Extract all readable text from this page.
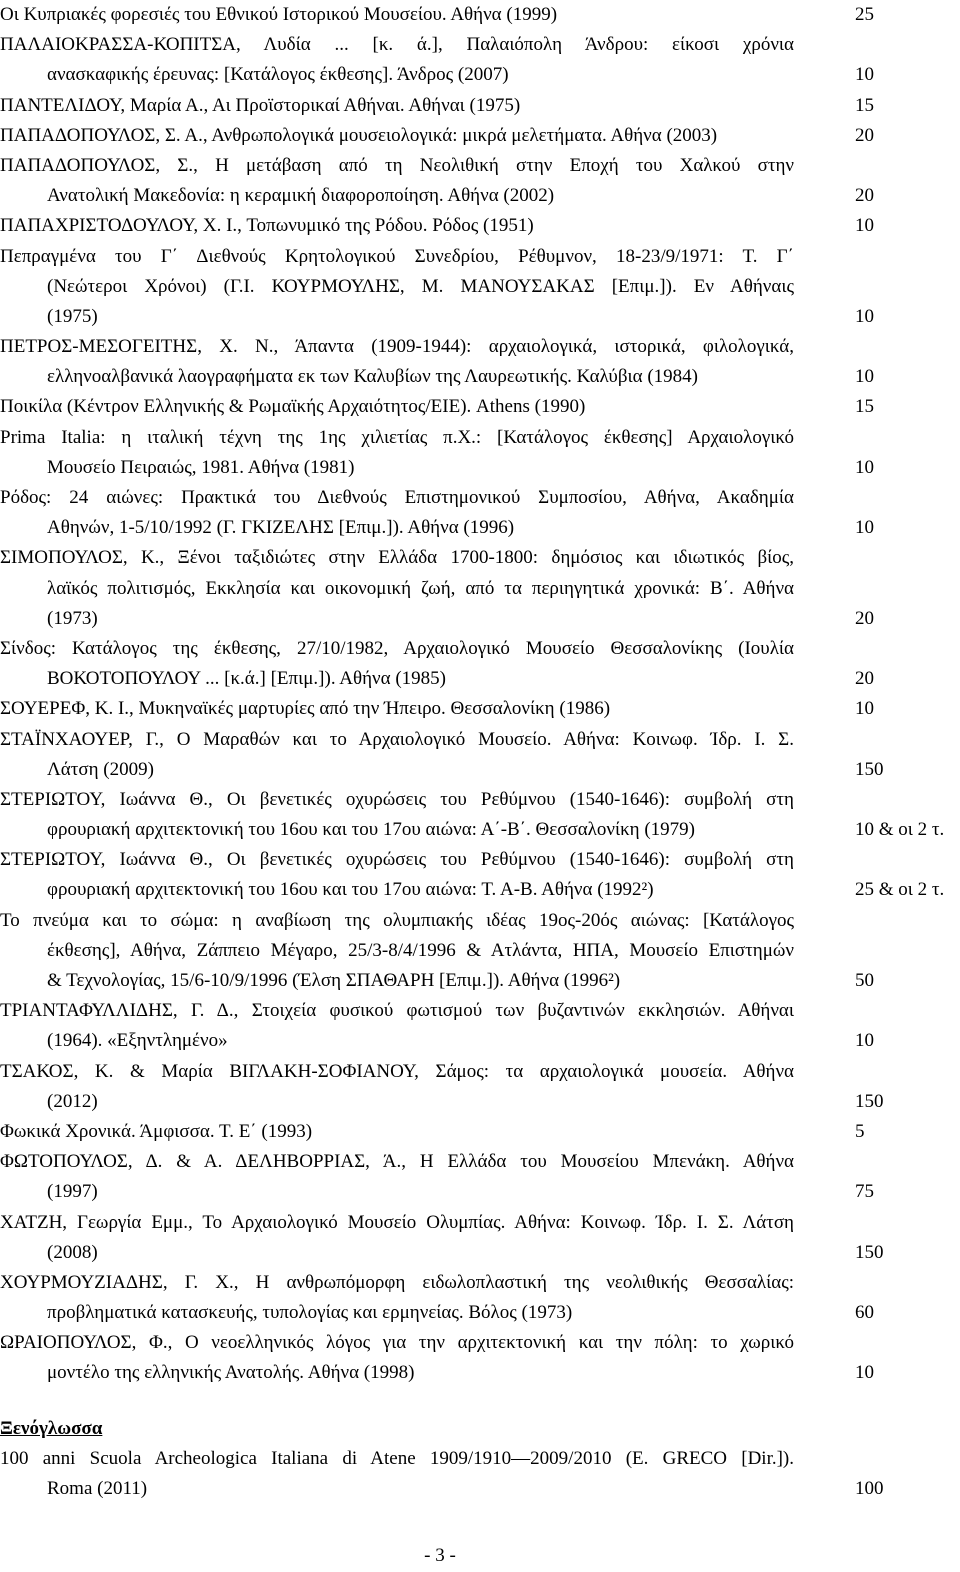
Οι Κυπριακές φορεσιές του Εθνικού Ιστορικού Μουσείου. Αθήνα (1999)	25
ΠΑΛΑΙΟΚΡΑΣΣΑ-ΚΟΠΙΤΣΑ, Λυδία ... [κ. ά.], Παλαιόπολη Άνδρου: είκοσι χρόνια
ανασκαφικής έρευνας: [Κατάλογος έκθεσης]. Άνδρος (2007)	10
ΠΑΝΤΕΛΙΔΟΥ, Μαρία Α., Αι Προϊστορικαί Αθήναι. Αθήναι (1975)	15
ΠΑΠΑΔΟΠΟΥΛΟΣ, Σ. Α., Ανθρωπολογικά μουσειολογικά: μικρά μελετήματα. Αθήνα (2003)	20
ΠΑΠΑΔΟΠΟΥΛΟΣ, Σ., Η μετάβαση από τη Νεολιθική στην Εποχή του Χαλκού στην
Ανατολική Μακεδονία: η κεραμική διαφοροποίηση. Αθήνα (2002)	20
ΠΑΠΑΧΡΙΣΤΟΔΟΥΛΟΥ, Χ. Ι., Τοπωνυμικό της Ρόδου. Ρόδος (1951)	10
Πεπραγμένα του Γ΄ Διεθνούς Κρητολογικού Συνεδρίου, Ρέθυμνον, 18-23/9/1971: Τ. Γ΄
(Νεώτεροι Χρόνοι) (Γ.Ι. ΚΟΥΡΜΟΥΛΗΣ, Μ. ΜΑΝΟΥΣΑΚΑΣ [Επιμ.]). Εν Αθήναις
(1975)	10
ΠΕΤΡΟΣ-ΜΕΣΟΓΕΙΤΗΣ, Χ. Ν., Άπαντα (1909-1944): αρχαιολογικά, ιστορικά, φιλολογικά,
ελληνοαλβανικά λαογραφήματα εκ των Καλυβίων της Λαυρεωτικής. Καλύβια (1984)	10
Ποικίλα (Κέντρον Ελληνικής & Ρωμαϊκής Αρχαιότητος/ΕΙΕ). Athens (1990)	15
Prima Italia: η ιταλική τέχνη της 1ης χιλιετίας π.Χ.: [Κατάλογος έκθεσης] Αρχαιολογικό
Μουσείο Πειραιώς, 1981. Αθήνα (1981)	10
Ρόδος: 24 αιώνες: Πρακτικά του Διεθνούς Επιστημονικού Συμποσίου, Αθήνα, Ακαδημία
Αθηνών, 1-5/10/1992 (Γ. ΓΚΙΖΕΛΗΣ [Επιμ.]). Αθήνα (1996)	10
ΣΙΜΟΠΟΥΛΟΣ, Κ., Ξένοι ταξιδιώτες στην Ελλάδα 1700-1800: δημόσιος και ιδιωτικός βίος,
λαϊκός πολιτισμός, Εκκλησία και οικονομική ζωή, από τα περιηγητικά χρονικά: Β΄. Αθήνα
(1973)	20
Σίνδος: Κατάλογος της έκθεσης, 27/10/1982, Αρχαιολογικό Μουσείο Θεσσαλονίκης (Ιουλία
ΒΟΚΟΤΟΠΟΥΛΟΥ ... [κ.ά.] [Επιμ.]). Αθήνα (1985)	20
ΣΟΥΕΡΕΦ, Κ. Ι., Μυκηναϊκές μαρτυρίες από την Ήπειρο. Θεσσαλονίκη (1986)	10
ΣΤΑΪΝΧΑΟΥΕΡ, Γ., Ο Μαραθών και το Αρχαιολογικό Μουσείο. Αθήνα: Κοινωφ. Ίδρ. Ι. Σ.
Λάτση (2009)	150
ΣΤΕΡΙΩΤΟΥ, Ιωάννα Θ., Οι βενετικές οχυρώσεις του Ρεθύμνου (1540-1646): συμβολή στη
φρουριακή αρχιτεκτονική του 16ου και του 17ου αιώνα: Α΄-Β΄. Θεσσαλονίκη (1979)	10 & οι 2 τ.
ΣΤΕΡΙΩΤΟΥ, Ιωάννα Θ., Οι βενετικές οχυρώσεις του Ρεθύμνου (1540-1646): συμβολή στη
φρουριακή αρχιτεκτονική του 16ου και του 17ου αιώνα: Τ. Α-Β. Αθήνα (1992²)	25 & οι 2 τ.
Το πνεύμα και το σώμα: η αναβίωση της ολυμπιακής ιδέας 19ος-20ός αιώνας: [Κατάλογος
έκθεσης], Αθήνα, Ζάππειο Μέγαρο, 25/3-8/4/1996 & Ατλάντα, ΗΠΑ, Μουσείο Επιστημών
& Τεχνολογίας, 15/6-10/9/1996 (Έλση ΣΠΑΘΑΡΗ [Επιμ.]). Αθήνα (1996²)	50
ΤΡΙΑΝΤΑΦΥΛΛΙΔΗΣ, Γ. Δ., Στοιχεία φυσικού φωτισμού των βυζαντινών εκκλησιών. Αθήναι
(1964). «Εξηντλημένο»	10
ΤΣΑΚΟΣ, Κ. & Μαρία ΒΙΓΛΑΚΗ-ΣΟΦΙΑΝΟΥ, Σάμος: τα αρχαιολογικά μουσεία. Αθήνα
(2012)	150
Φωκικά Χρονικά. Άμφισσα. Τ. Ε΄ (1993)	5
ΦΩΤΟΠΟΥΛΟΣ, Δ. & Α. ΔΕΛΗΒΟΡΡΙΑΣ, Ά., Η Ελλάδα του Μουσείου Μπενάκη. Αθήνα
(1997)	75
ΧΑΤΖΗ, Γεωργία Εμμ., Το Αρχαιολογικό Μουσείο Ολυμπίας. Αθήνα: Κοινωφ. Ίδρ. Ι. Σ. Λάτση
(2008)	150
ΧΟΥΡΜΟΥΖΙΑΔΗΣ, Γ. Χ., Η ανθρωπόμορφη ειδωλοπλαστική της νεολιθικής Θεσσαλίας:
προβληματικά κατασκευής, τυπολογίας και ερμηνείας. Βόλος (1973)	60
ΩΡΑΙΟΠΟΥΛΟΣ, Φ., Ο νεοελληνικός λόγος για την αρχιτεκτονική και την πόλη: το χωρικό
μοντέλο της ελληνικής Ανατολής. Αθήνα (1998)	10
Ξενόγλωσσα
100 anni Scuola Archeologica Italiana di Atene 1909/1910—2009/2010 (E. GRECO [Dir.]).
Roma (2011)	100
- 3 -
